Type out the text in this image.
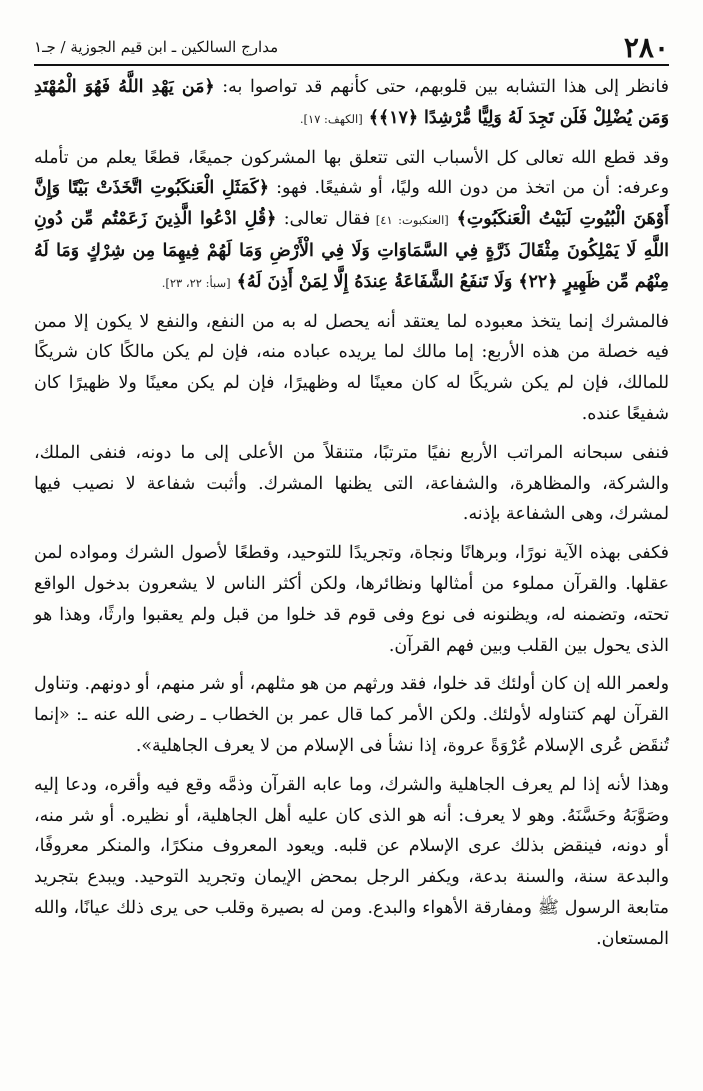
٢٨٠
مدارج السالكين ـ ابن قيم الجوزية / جـ١

فانظر إلى هذا التشابه بين قلوبهم، حتى كأنهم قد تواصوا به: ﴿مَن يَهْدِ اللَّهُ فَهُوَ الْمُهْتَدِ وَمَن يُضْلِلْ فَلَن تَجِدَ لَهُ وَلِيًّا مُّرْشِدًا ﴿١٧﴾﴾ [الكهف: ١٧].

وقد قطع الله تعالى كل الأسباب التى تتعلق بها المشركون جميعًا، قطعًا يعلم من تأمله وعرفه: أن من اتخذ من دون الله وليًا، أو شفيعًا. فهو: ﴿كَمَثَلِ الْعَنكَبُوتِ اتَّخَذَتْ بَيْتًا وَإِنَّ أَوْهَنَ الْبُيُوتِ لَبَيْتُ الْعَنكَبُوتِ﴾ [العنكبوت: ٤١] فقال تعالى: ﴿قُلِ ادْعُوا الَّذِينَ زَعَمْتُم مِّن دُونِ اللَّهِ لَا يَمْلِكُونَ مِثْقَالَ ذَرَّةٍ فِي السَّمَاوَاتِ وَلَا فِي الْأَرْضِ وَمَا لَهُمْ فِيهِمَا مِن شِرْكٍ وَمَا لَهُ مِنْهُم مِّن ظَهِيرٍ ﴿٢٢﴾ وَلَا تَنفَعُ الشَّفَاعَةُ عِندَهُ إِلَّا لِمَنْ أَذِنَ لَهُ﴾ [سبأ: ٢٢، ٢٣].

فالمشرك إنما يتخذ معبوده لما يعتقد أنه يحصل له به من النفع، والنفع لا يكون إلا ممن فيه خصلة من هذه الأربع: إما مالك لما يريده عباده منه، فإن لم يكن مالكًا كان شريكًا للمالك، فإن لم يكن شريكًا له كان معينًا له وظهيرًا، فإن لم يكن معينًا ولا ظهيرًا كان شفيعًا عنده.

فنفى سبحانه المراتب الأربع نفيًا مترتبًا، متنقلاً من الأعلى إلى ما دونه، فنفى الملك، والشركة، والمظاهرة، والشفاعة، التى يظنها المشرك. وأثبت شفاعة لا نصيب فيها لمشرك، وهى الشفاعة بإذنه.

فكفى بهذه الآية نورًا، وبرهانًا ونجاة، وتجريدًا للتوحيد، وقطعًا لأصول الشرك ومواده لمن عقلها. والقرآن مملوء من أمثالها ونظائرها، ولكن أكثر الناس لا يشعرون بدخول الواقع تحته، وتضمنه له، ويظنونه فى نوع وفى قوم قد خلوا من قبل ولم يعقبوا وارثًا، وهذا هو الذى يحول بين القلب وبين فهم القرآن.

ولعمر الله إن كان أولئك قد خلوا، فقد ورثهم من هو مثلهم، أو شر منهم، أو دونهم. وتناول القرآن لهم كتناوله لأولئك. ولكن الأمر كما قال عمر بن الخطاب ـ رضى الله عنه ـ: «إنما تُنقَض عُرى الإسلام عُرْوَةً عروة، إذا نشأ فى الإسلام من لا يعرف الجاهلية».

وهذا لأنه إذا لم يعرف الجاهلية والشرك، وما عابه القرآن وذمَّه وقع فيه وأقره، ودعا إليه وصَوَّبَهُ وحَسَّنَهُ. وهو لا يعرف: أنه هو الذى كان عليه أهل الجاهلية، أو نظيره. أو شر منه، أو دونه، فينقض بذلك عرى الإسلام عن قلبه. ويعود المعروف منكرًا، والمنكر معروفًا، والبدعة سنة، والسنة بدعة، ويكفر الرجل بمحض الإيمان وتجريد التوحيد. ويبدع بتجريد متابعة الرسول ﷺ ومفارقة الأهواء والبدع. ومن له بصيرة وقلب حى يرى ذلك عيانًا، والله المستعان.
